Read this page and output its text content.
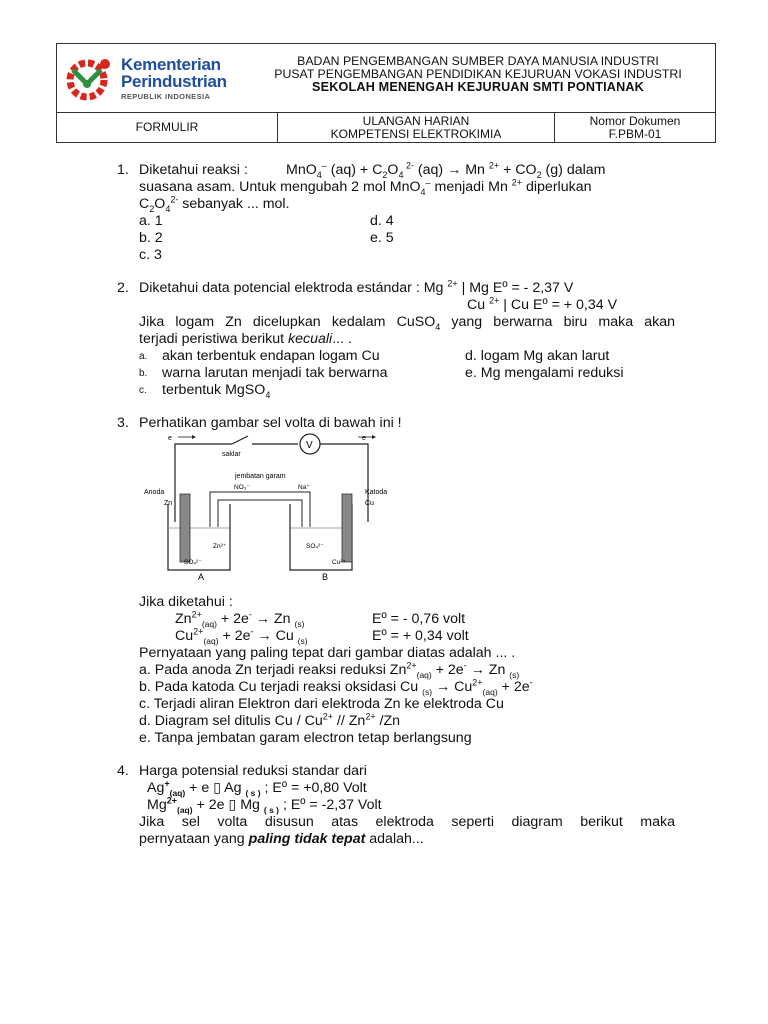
Kementerian
Perindustrian
REPUBLIK INDONESIA
BADAN PENGEMBANGAN SUMBER DAYA MANUSIA INDUSTRI
PUSAT PENGEMBANGAN PENDIDIKAN KEJURUAN VOKASI INDUSTRI
SEKOLAH MENENGAH KEJURUAN SMTI PONTIANAK
FORMULIR	ULANGAN HARIAN
KOMPETENSI ELEKTROKIMIA
Nomor Dokumen
F.PBM-01
1. Diketahui reaksi :	MnO$_4$– $(aq) + C_2O_4$ $^{2-}$ (aq) → Mn $^{2+} + CO_2$ (g) dalam
suasana asam. Untuk mengubah 2 mol MnO$_4$– menjadi Mn $^{2+}$ diperlukan
$C_2O_4^{2-}$ sebanyak ... mol.
a. 1
b. 2
c. 3
d. 4
e. 5
2. Diketahui data potencial elektroda estándar : Mg $^{2+}$ | Mg Eº = - 2,37 V
Cu $^{2+}$ | Cu Eº = + 0,34 V
Jika logam Zn dicelupkan kedalam CuSO$_4$ yang berwarna biru maka akan
terjadi peristiwa berikut kecuali... .
a. akan terbentuk endapan logam Cu
b. warna larutan menjadi tak berwarna
c. terbentuk MgSO$_4$
d. logam Mg akan larut
e. Mg mengalami reduksi
3. Perhatikan gambar sel volta di bawah ini !
V
e	e
saklar
jembatan garam
NO₃⁻	Na⁺
Anoda
Zn
Katoda
Cu
Zn²⁺
SO₄²⁻
SO₄²⁻
Cu²⁺
A	B
Jika diketahui :
$Zn^{2+}_{(aq)} + 2e^- \to Zn$ $_{(s)}$	Eº = - 0,76 volt
$Cu^{2+}_{(aq)} + 2e^- \to Cu$ $_{(s)}$	Eº = + 0,34 volt
Pernyataan yang paling tepat dari gambar diatas adalah ... .
a. Pada anoda Zn terjadi reaksi reduksi $Zn^{2+}_{(aq)} + 2e^- \to Zn$ $_{(s)}$
b. Pada katoda Cu terjadi reaksi oksidasi Cu $_{(s)} \to Cu^{2+}_{(aq)} + 2e^-$
c. Terjadi aliran Elektron dari elektroda Zn ke elektroda Cu
d. Diagram sel ditulis Cu / $Cu^{2+} // Zn^{2+}$ /Zn
e. Tanpa jembatan garam electron tetap berlangsung
4. Harga potensial reduksi standar dari
$Ag^+_{(aq)} + e$ ▯ Ag $_{( s )}$ ; Eº = +0,80 Volt
$Mg^{2+}_{(aq)} + 2e$ ▯ Mg $_{( s )}$ ; Eº = -2,37 Volt
Jika sel volta disusun atas elektroda seperti diagram berikut maka
pernyataan yang paling tidak tepat adalah...
